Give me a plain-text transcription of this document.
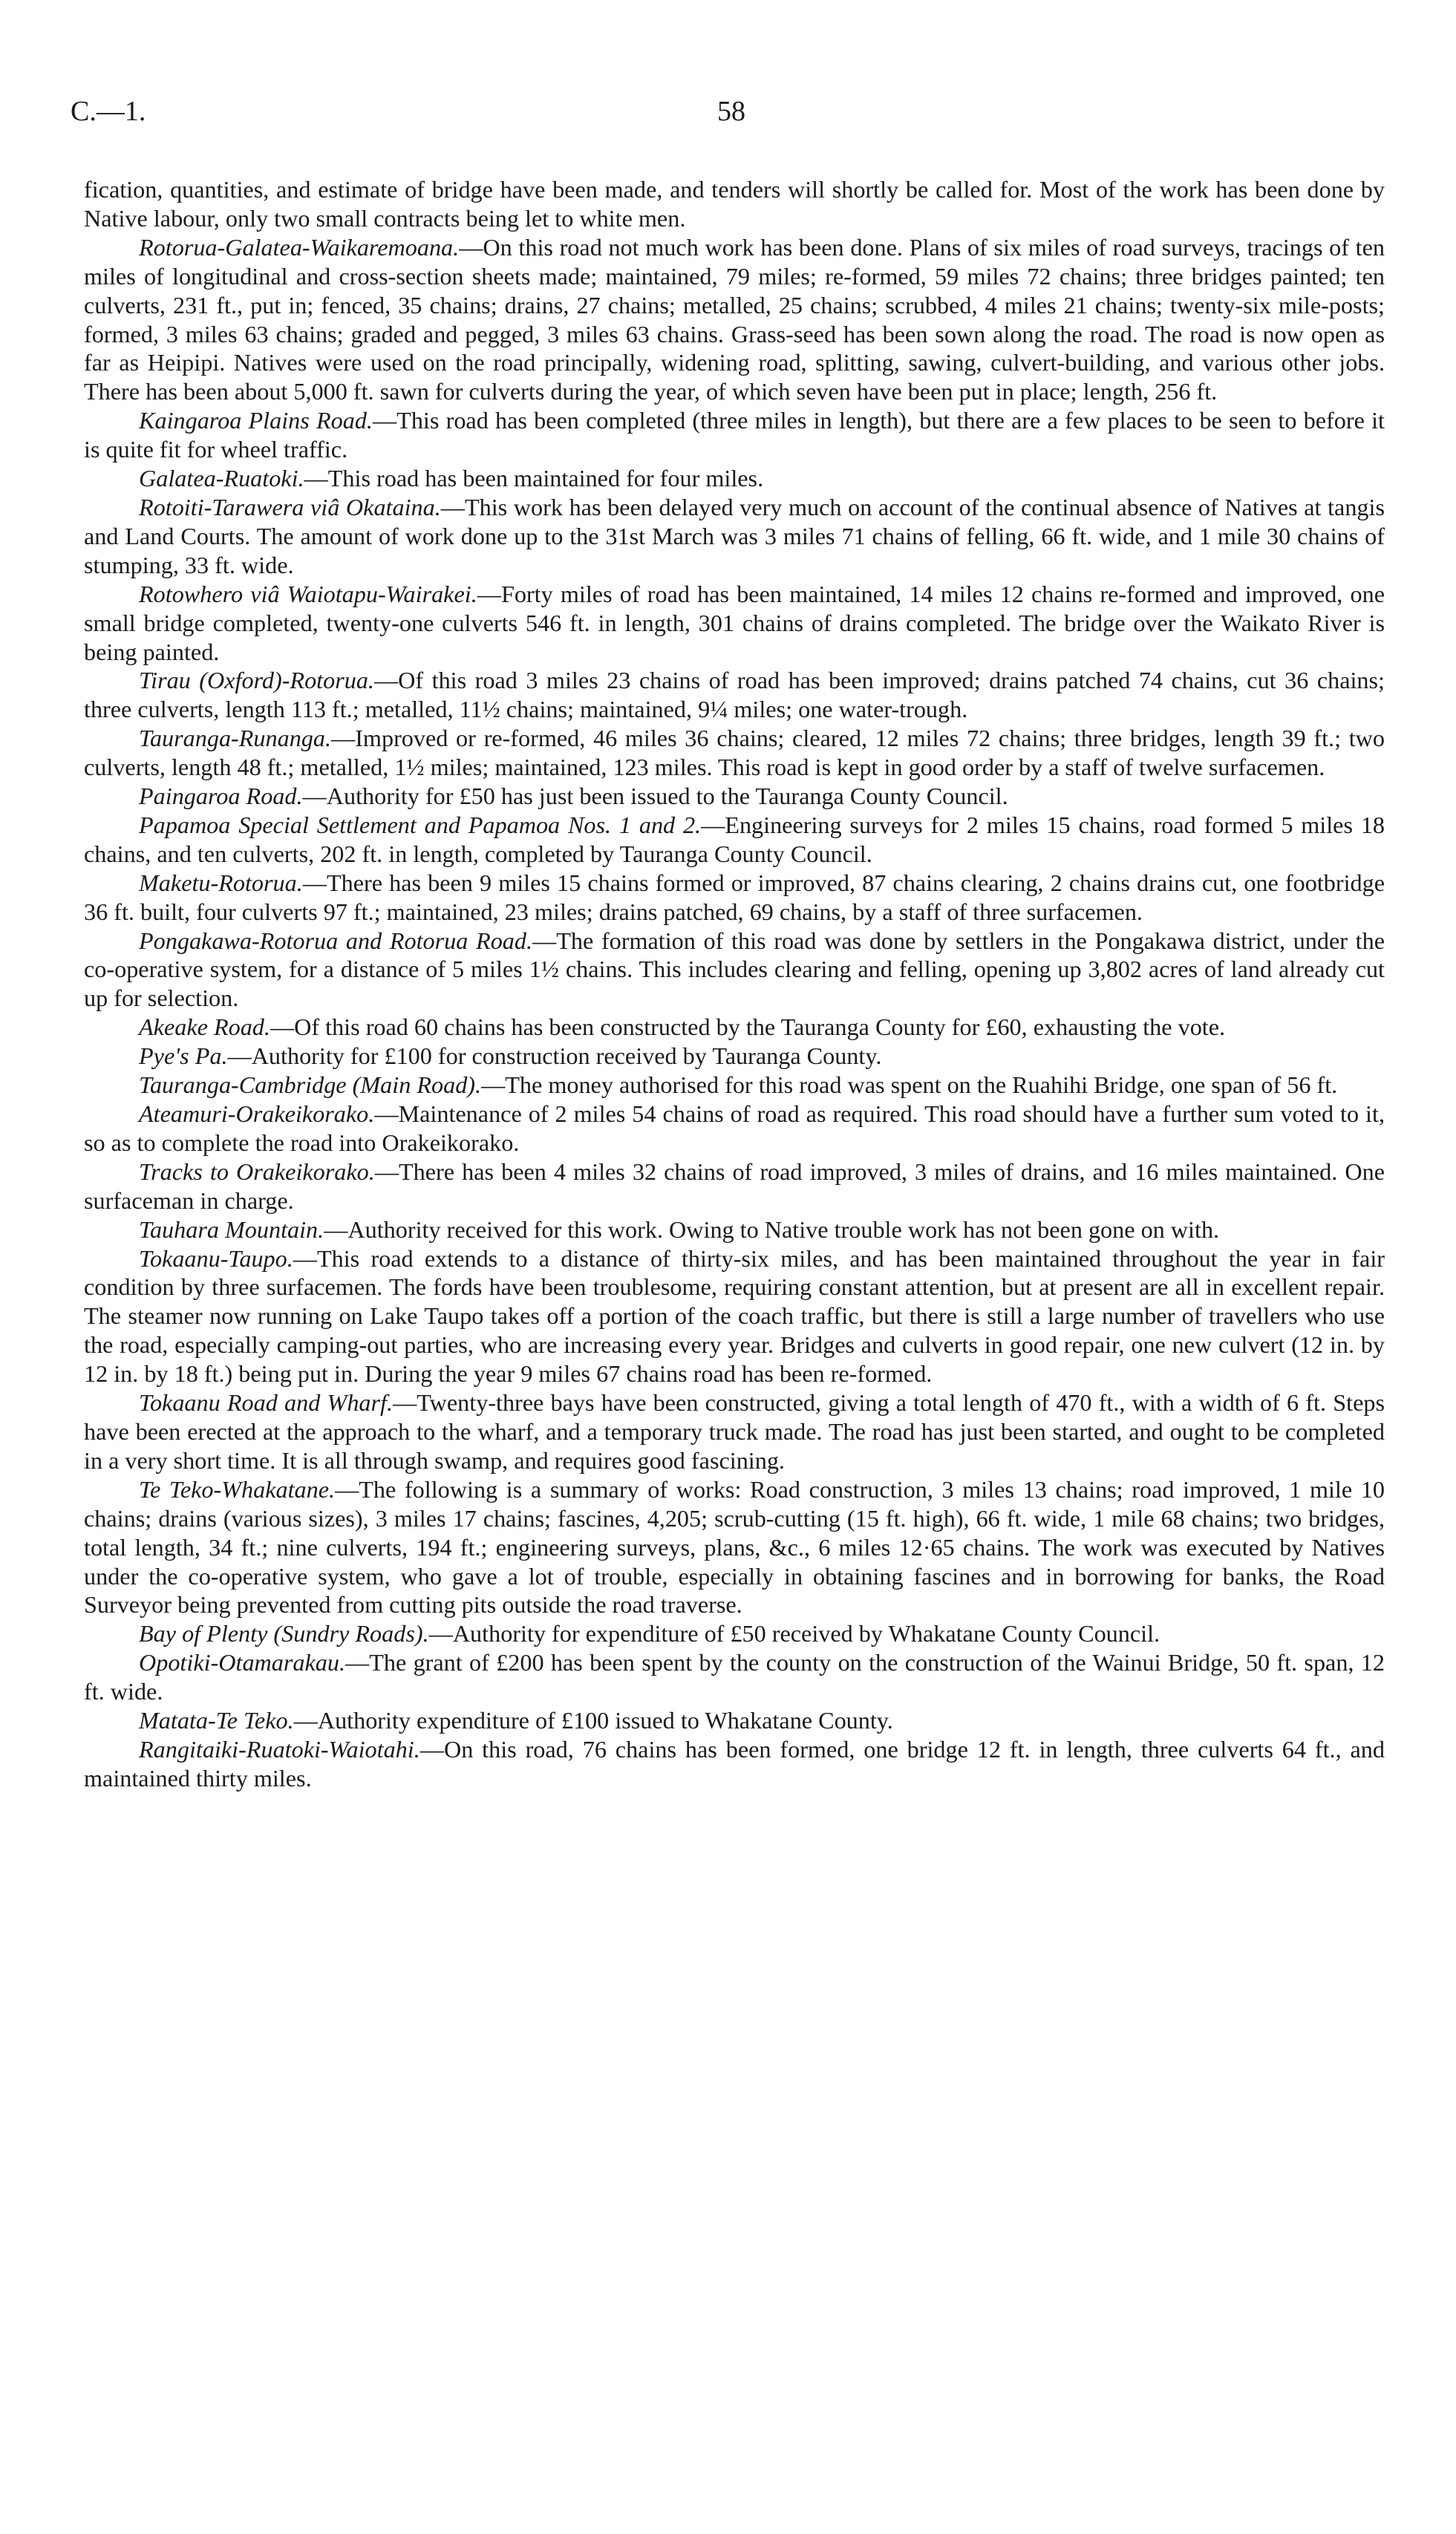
C.—1.	58

fication, quantities, and estimate of bridge have been made, and tenders will shortly be called for. Most of the work has been done by Native labour, only two small contracts being let to white men.

Rotorua-Galatea-Waikaremoana.—On this road not much work has been done. Plans of six miles of road surveys, tracings of ten miles of longitudinal and cross-section sheets made; maintained, 79 miles; re-formed, 59 miles 72 chains; three bridges painted; ten culverts, 231 ft., put in; fenced, 35 chains; drains, 27 chains; metalled, 25 chains; scrubbed, 4 miles 21 chains; twenty-six mile-posts; formed, 3 miles 63 chains; graded and pegged, 3 miles 63 chains. Grass-seed has been sown along the road. The road is now open as far as Heipipi. Natives were used on the road principally, widening road, splitting, sawing, culvert-building, and various other jobs. There has been about 5,000 ft. sawn for culverts during the year, of which seven have been put in place; length, 256 ft.

Kaingaroa Plains Road.—This road has been completed (three miles in length), but there are a few places to be seen to before it is quite fit for wheel traffic.

Galatea-Ruatoki.—This road has been maintained for four miles.

Rotoiti-Tarawera viâ Okataina.—This work has been delayed very much on account of the continual absence of Natives at tangis and Land Courts. The amount of work done up to the 31st March was 3 miles 71 chains of felling, 66 ft. wide, and 1 mile 30 chains of stumping, 33 ft. wide.

Rotowhero viâ Waiotapu-Wairakei.—Forty miles of road has been maintained, 14 miles 12 chains re-formed and improved, one small bridge completed, twenty-one culverts 546 ft. in length, 301 chains of drains completed. The bridge over the Waikato River is being painted.

Tirau (Oxford)-Rotorua.—Of this road 3 miles 23 chains of road has been improved; drains patched 74 chains, cut 36 chains; three culverts, length 113 ft.; metalled, 11½ chains; maintained, 9¼ miles; one water-trough.

Tauranga-Runanga.—Improved or re-formed, 46 miles 36 chains; cleared, 12 miles 72 chains; three bridges, length 39 ft.; two culverts, length 48 ft.; metalled, 1½ miles; maintained, 123 miles. This road is kept in good order by a staff of twelve surfacemen.

Paingaroa Road.—Authority for £50 has just been issued to the Tauranga County Council.

Papamoa Special Settlement and Papamoa Nos. 1 and 2.—Engineering surveys for 2 miles 15 chains, road formed 5 miles 18 chains, and ten culverts, 202 ft. in length, completed by Tauranga County Council.

Maketu-Rotorua.—There has been 9 miles 15 chains formed or improved, 87 chains clearing, 2 chains drains cut, one footbridge 36 ft. built, four culverts 97 ft.; maintained, 23 miles; drains patched, 69 chains, by a staff of three surfacemen.

Pongakawa-Rotorua and Rotorua Road.—The formation of this road was done by settlers in the Pongakawa district, under the co-operative system, for a distance of 5 miles 1½ chains. This includes clearing and felling, opening up 3,802 acres of land already cut up for selection.

Akeake Road.—Of this road 60 chains has been constructed by the Tauranga County for £60, exhausting the vote.

Pye's Pa.—Authority for £100 for construction received by Tauranga County.

Tauranga-Cambridge (Main Road).—The money authorised for this road was spent on the Ruahihi Bridge, one span of 56 ft.

Ateamuri-Orakeikorako.—Maintenance of 2 miles 54 chains of road as required. This road should have a further sum voted to it, so as to complete the road into Orakeikorako.

Tracks to Orakeikorako.—There has been 4 miles 32 chains of road improved, 3 miles of drains, and 16 miles maintained. One surfaceman in charge.

Tauhara Mountain.—Authority received for this work. Owing to Native trouble work has not been gone on with.

Tokaanu-Taupo.—This road extends to a distance of thirty-six miles, and has been maintained throughout the year in fair condition by three surfacemen. The fords have been troublesome, requiring constant attention, but at present are all in excellent repair. The steamer now running on Lake Taupo takes off a portion of the coach traffic, but there is still a large number of travellers who use the road, especially camping-out parties, who are increasing every year. Bridges and culverts in good repair, one new culvert (12 in. by 12 in. by 18 ft.) being put in. During the year 9 miles 67 chains road has been re-formed.

Tokaanu Road and Wharf.—Twenty-three bays have been constructed, giving a total length of 470 ft., with a width of 6 ft. Steps have been erected at the approach to the wharf, and a temporary truck made. The road has just been started, and ought to be completed in a very short time. It is all through swamp, and requires good fascining.

Te Teko-Whakatane.—The following is a summary of works: Road construction, 3 miles 13 chains; road improved, 1 mile 10 chains; drains (various sizes), 3 miles 17 chains; fascines, 4,205; scrub-cutting (15 ft. high), 66 ft. wide, 1 mile 68 chains; two bridges, total length, 34 ft.; nine culverts, 194 ft.; engineering surveys, plans, &c., 6 miles 12·65 chains. The work was executed by Natives under the co-operative system, who gave a lot of trouble, especially in obtaining fascines and in borrowing for banks, the Road Surveyor being prevented from cutting pits outside the road traverse.

Bay of Plenty (Sundry Roads).—Authority for expenditure of £50 received by Whakatane County Council.

Opotiki-Otamarakau.—The grant of £200 has been spent by the county on the construction of the Wainui Bridge, 50 ft. span, 12 ft. wide.

Matata-Te Teko.—Authority expenditure of £100 issued to Whakatane County.

Rangitaiki-Ruatoki-Waiotahi.—On this road, 76 chains has been formed, one bridge 12 ft. in length, three culverts 64 ft., and maintained thirty miles.
